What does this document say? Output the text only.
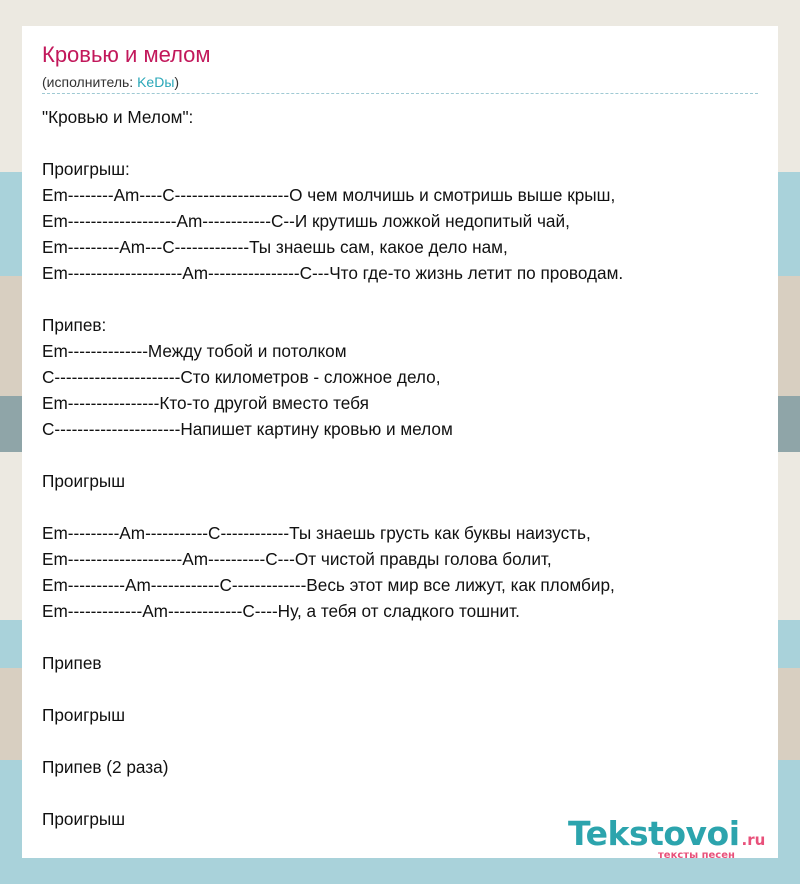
Кровью и мелом
(исполнитель: KeDы)
"Кровью и Мелом":
Проигрыш:
Em--------Am----C--------------------О чем молчишь и смотришь выше крыш,
Em-------------------Am------------C--И крутишь ложкой недопитый чай,
Em---------Am---C-------------Ты знаешь сам, какое дело нам,
Em--------------------Am----------------C---Что где-то жизнь летит по проводам.
Припев:
Em--------------Между тобой и потолком
C----------------------Сто километров - сложное дело,
Em----------------Кто-то другой вместо тебя
C----------------------Напишет картину кровью и мелом
Проигрыш
Em---------Am-----------C------------Ты знаешь грусть как буквы наизусть,
Em--------------------Am----------C---От чистой правды голова болит,
Em----------Am------------C-------------Весь этот мир все лижут, как пломбир,
Em-------------Am-------------C----Ну, а тебя от сладкого тошнит.
Припев
Проигрыш
Припев (2 раза)
Проигрыш	Tekstovoi .ru
тексты песен
